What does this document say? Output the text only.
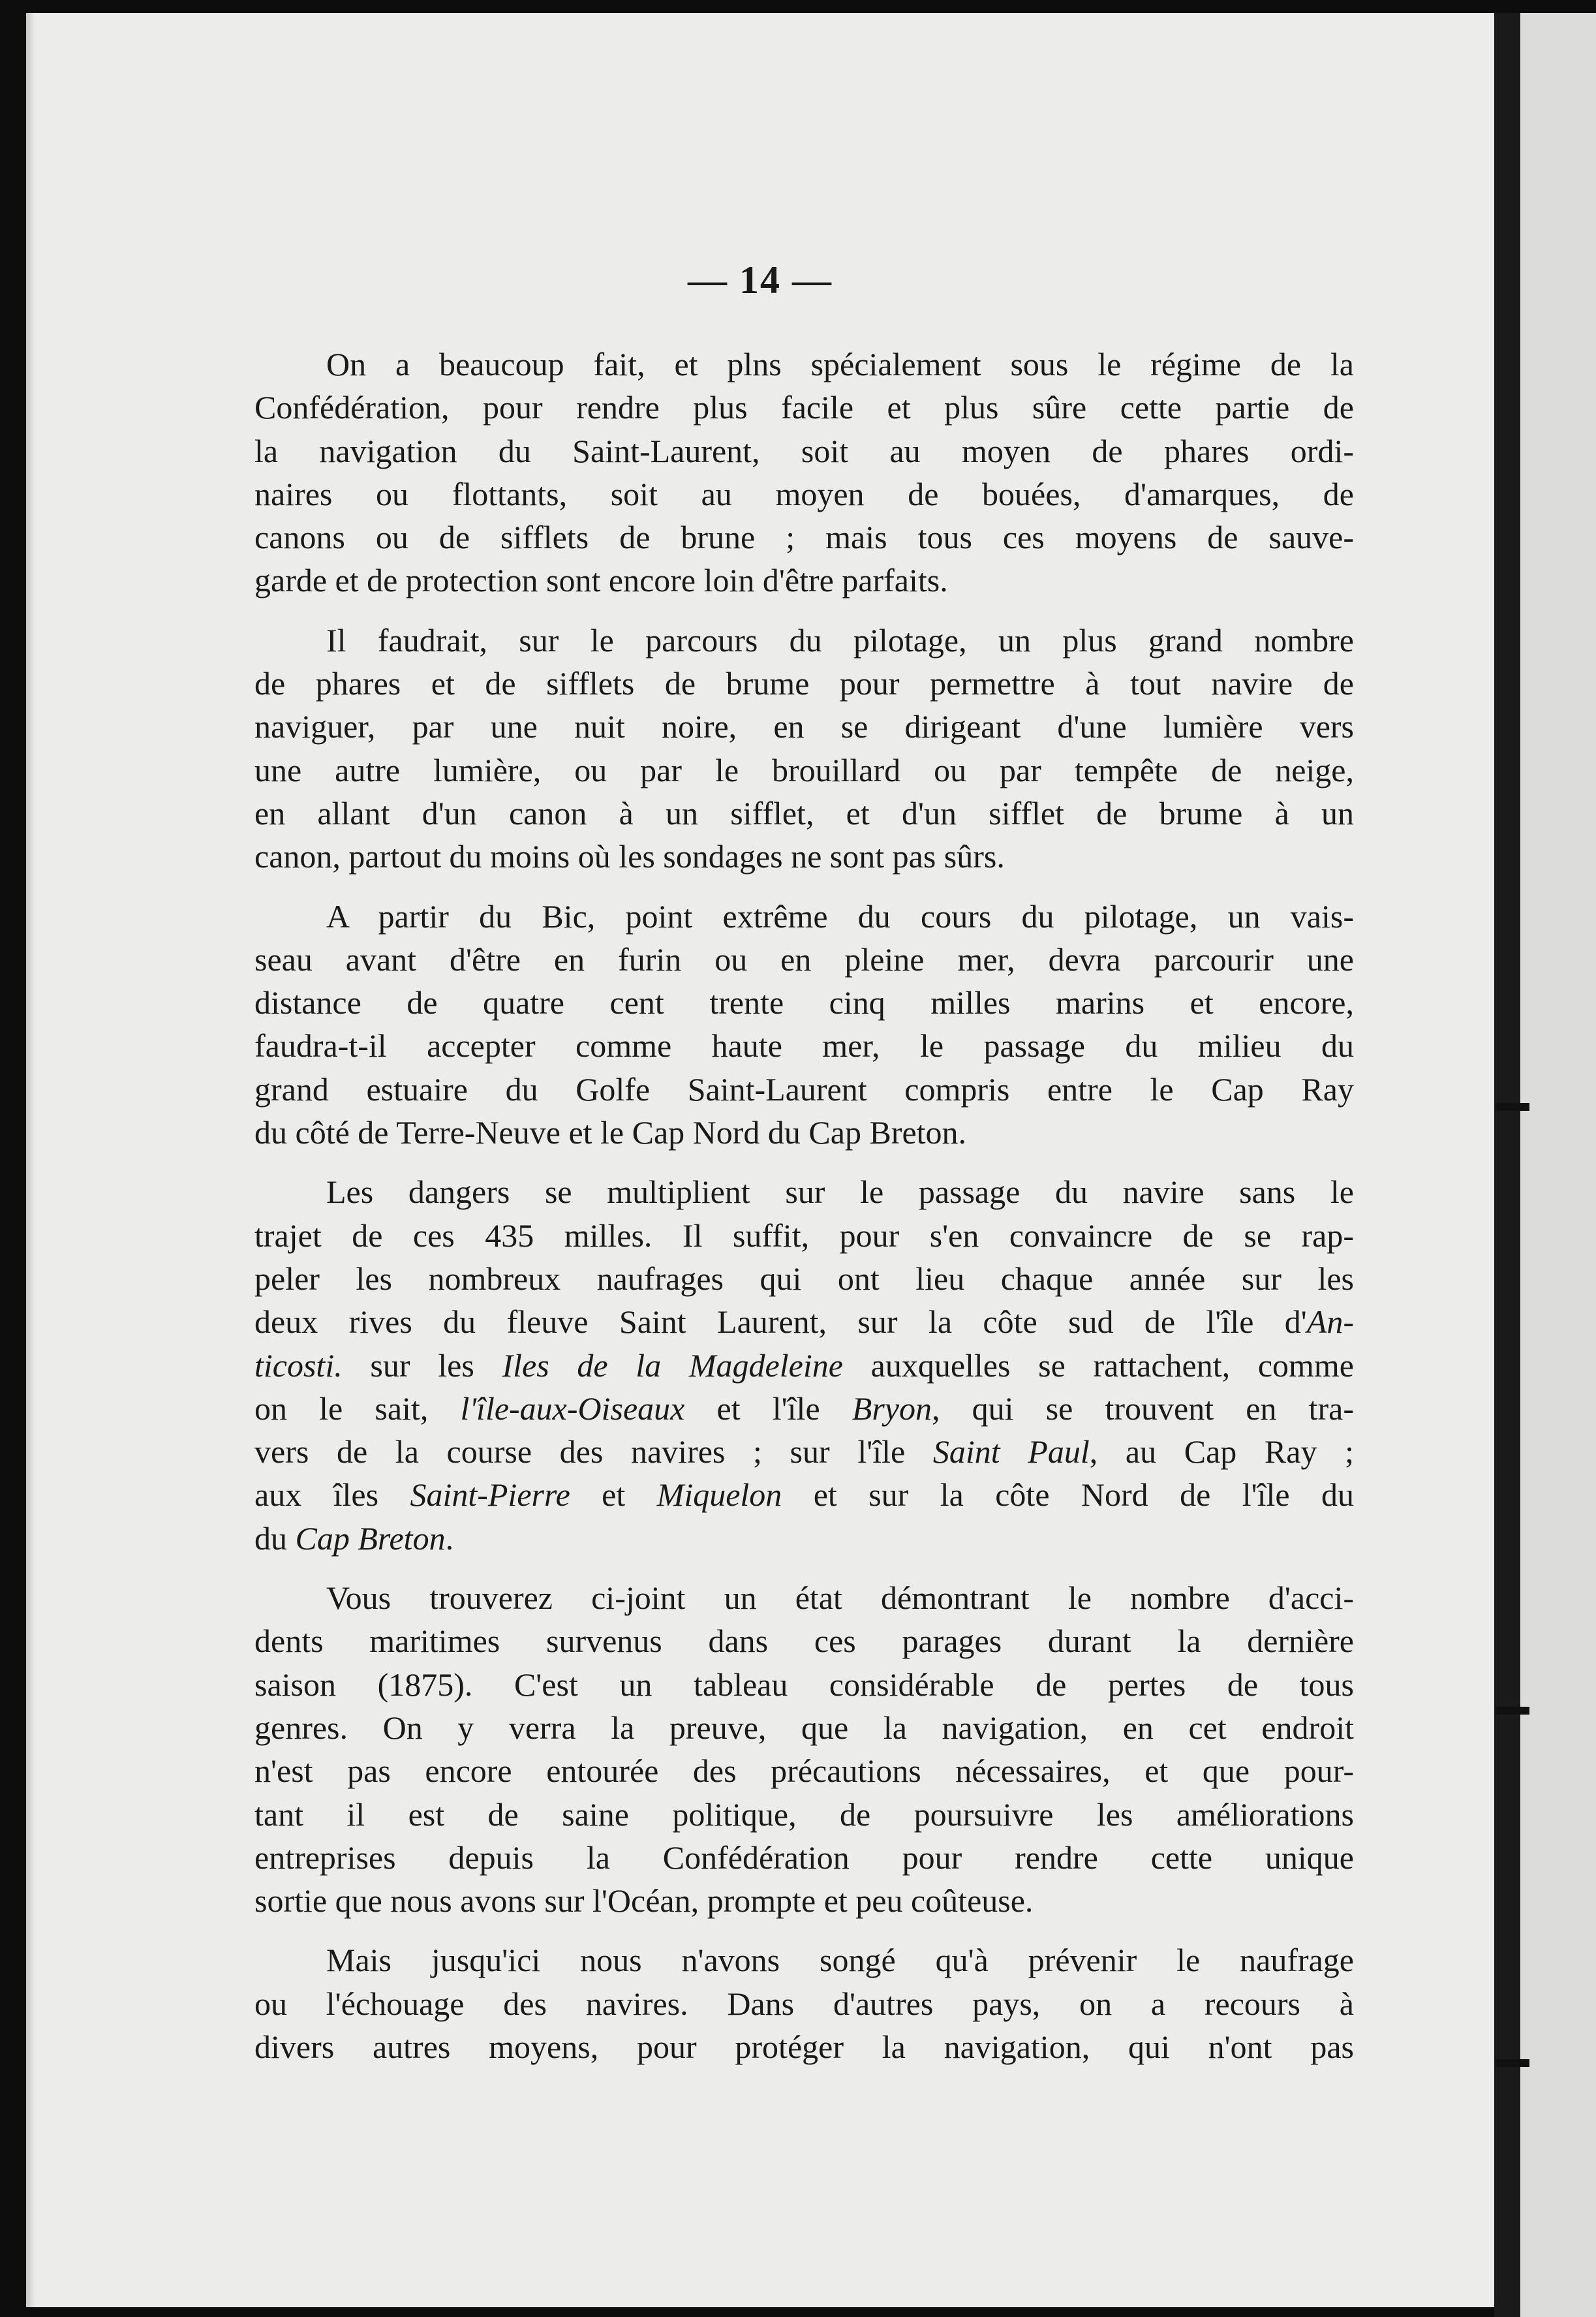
— 14 —

On a beaucoup fait, et plns spécialement sous le régime de la
Confédération, pour rendre plus facile et plus sûre cette partie de
la navigation du Saint-Laurent, soit au moyen de phares ordi-
naires ou flottants, soit au moyen de bouées, d'amarques, de
canons ou de sifflets de brune ; mais tous ces moyens de sauve-
garde et de protection sont encore loin d'être parfaits.

Il faudrait, sur le parcours du pilotage, un plus grand nombre
de phares et de sifflets de brume pour permettre à tout navire de
naviguer, par une nuit noire, en se dirigeant d'une lumière vers
une autre lumière, ou par le brouillard ou par tempête de neige,
en allant d'un canon à un sifflet, et d'un sifflet de brume à un
canon, partout du moins où les sondages ne sont pas sûrs.

A partir du Bic, point extrême du cours du pilotage, un vais-
seau avant d'être en furin ou en pleine mer, devra parcourir une
distance de quatre cent trente cinq milles marins et encore,
faudra-t-il accepter comme haute mer, le passage du milieu du
grand estuaire du Golfe Saint-Laurent compris entre le Cap Ray
du côté de Terre-Neuve et le Cap Nord du Cap Breton.

Les dangers se multiplient sur le passage du navire sans le
trajet de ces 435 milles. Il suffit, pour s'en convaincre de se rap-
peler les nombreux naufrages qui ont lieu chaque année sur les
deux rives du fleuve Saint Laurent, sur la côte sud de l'île d'An-
ticosti. sur les Iles de la Magdeleine auxquelles se rattachent, comme
on le sait, l'île-aux-Oiseaux et l'île Bryon, qui se trouvent en tra-
vers de la course des navires ; sur l'île Saint Paul, au Cap Ray ;
aux îles Saint-Pierre et Miquelon et sur la côte Nord de l'île du
du Cap Breton.

Vous trouverez ci-joint un état démontrant le nombre d'acci-
dents maritimes survenus dans ces parages durant la dernière
saison (1875). C'est un tableau considérable de pertes de tous
genres. On y verra la preuve, que la navigation, en cet endroit
n'est pas encore entourée des précautions nécessaires, et que pour-
tant il est de saine politique, de poursuivre les améliorations
entreprises depuis la Confédération pour rendre cette unique
sortie que nous avons sur l'Océan, prompte et peu coûteuse.

Mais jusqu'ici nous n'avons songé qu'à prévenir le naufrage
ou l'échouage des navires. Dans d'autres pays, on a recours à
divers autres moyens, pour protéger la navigation, qui n'ont pas
